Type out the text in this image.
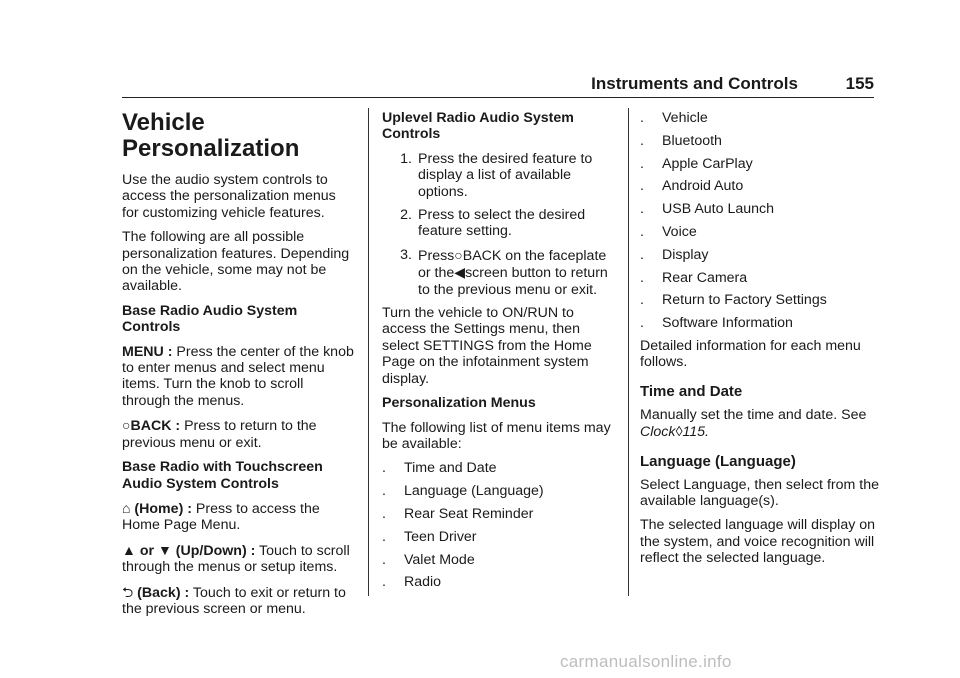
Instruments and Controls	155
Vehicle Personalization

Use the audio system controls to access the personalization menus for customizing vehicle features.

The following are all possible personalization features. Depending on the vehicle, some may not be available.

Base Radio Audio System Controls

MENU : Press the center of the knob to enter menus and select menu items. Turn the knob to scroll through the menus.

○BACK : Press to return to the previous menu or exit.

Base Radio with Touchscreen Audio System Controls

⌂ (Home) : Press to access the Home Page Menu.

▲ or ▼ (Up/Down) : Touch to scroll through the menus or setup items.

⮌ (Back) : Touch to exit or return to the previous screen or menu.

Uplevel Radio Audio System Controls
1. Press the desired feature to display a list of available options.
2. Press to select the desired feature setting.
3. Press○BACK on the faceplate or the◀screen button to return to the previous menu or exit.

Turn the vehicle to ON/RUN to access the Settings menu, then select SETTINGS from the Home Page on the infotainment system display.

Personalization Menus

The following list of menu items may be available:

.	Time and Date
.	Language (Language)
.	Rear Seat Reminder
.	Teen Driver
.	Valet Mode
.	Radio
.	Vehicle
.	Bluetooth
.	Apple CarPlay
.	Android Auto
.	USB Auto Launch
.	Voice
.	Display
.	Rear Camera
.	Return to Factory Settings
.	Software Information

Detailed information for each menu follows.

Time and Date

Manually set the time and date. See Clock◊115.

Language (Language)

Select Language, then select from the available language(s).

The selected language will display on the system, and voice recognition will reflect the selected language.

carmanualsonline.info
